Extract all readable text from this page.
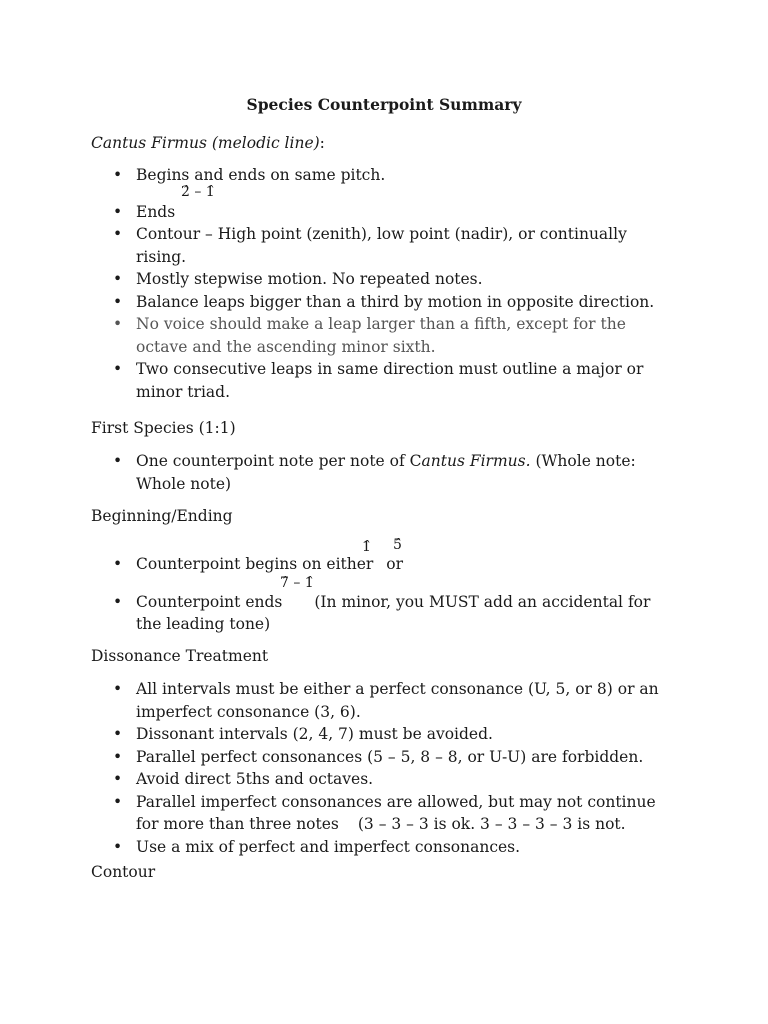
Species Counterpoint Summary
Cantus Firmus (melodic line):
• Begins and ends on same pitch.
• Ends
2̂ – 1̂
• Contour – High point (zenith), low point (nadir), or continually rising.
• Mostly stepwise motion. No repeated notes.
• Balance leaps bigger than a third by motion in opposite direction.
• No voice should make a leap larger than a fifth, except for the octave and the ascending minor sixth.
• Two consecutive leaps in same direction must outline a major or minor triad.
First Species (1:1)
• One counterpoint note per note of Cantus Firmus. (Whole note: Whole note)
Beginning/Ending
• Counterpoint begins on either or
1̂ 5̂
• Counterpoint ends (In minor, you MUST add an accidental for the leading tone)
7̂ – 1̂
Dissonance Treatment
• All intervals must be either a perfect consonance (U, 5, or 8) or an imperfect consonance (3, 6).
• Dissonant intervals (2, 4, 7) must be avoided.
• Parallel perfect consonances (5 – 5, 8 – 8, or U-U) are forbidden.
• Avoid direct 5ths and octaves.
• Parallel imperfect consonances are allowed, but may not continue for more than three notes (3 – 3 – 3 is ok. 3 – 3 – 3 – 3 is not.
• Use a mix of perfect and imperfect consonances.
Contour
